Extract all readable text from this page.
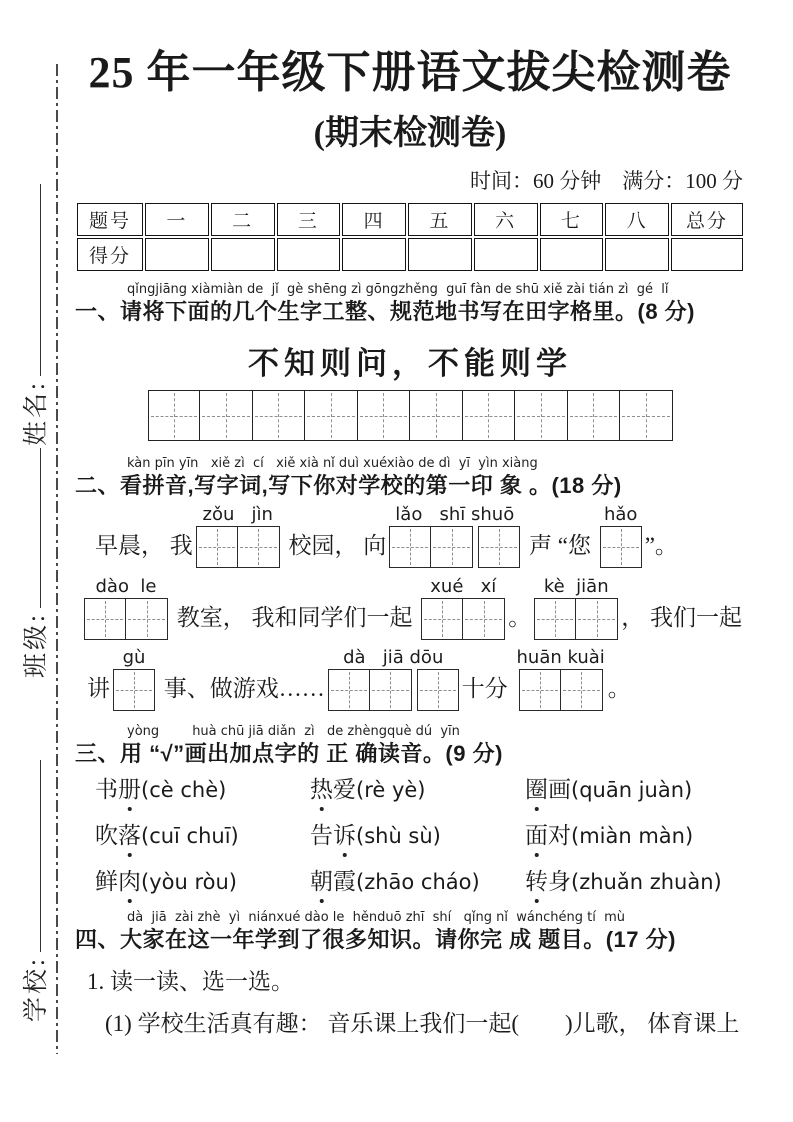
姓名:
班级:
学校:
25 年一年级下册语文拔尖检测卷
(期末检测卷)
时间：60 分钟    满分：100 分
题号	一	二	三	四	五	六	七	八	总分
得分									
qǐngjiāng xiàmiàn de  jǐ  gè shēng zì gōngzhěng  guī fàn de shū xiě zài tián zì  gé  lǐ
一、请将下面的几个生字工整、规范地书写在田字格里。(8 分)
不知则问，不能则学
kàn pīn yīn   xiě zì  cí   xiě xià nǐ duì xuéxiào de dì  yī  yìn xiàng
二、看拼音,写字词,写下你对学校的第一印 象 。(18 分)
早晨， 我
zǒu   jìn
校园， 向
lǎo   shī shuō
声 “您
hǎo
”。
dào  le
教室， 我和同学们一起
xué   xí
。
kè  jiān
， 我们一起
讲
gù
事、做游戏……
dà   jiā dōu
十分
huān kuài
。
yòng        huà chū jiā diǎn  zì   de zhèngquè dú  yīn
三、用 “√”画出加点字的 正 确读音。(9 分)
书册(cè chè)	热爱(rè yè)	圈画(quān juàn)
吹落(cuī chuī)	告诉(shù sù)	面对(miàn màn)
鲜肉(yòu ròu)	朝霞(zhāo cháo)	转身(zhuǎn zhuàn)
dà  jiā  zài zhè  yì  niánxué dào le  hěnduō zhī  shí   qǐng nǐ  wánchéng tí  mù
四、大家在这一年学到了很多知识。请你完 成 题目。(17 分)
1. 读一读、选一选。
(1) 学校生活真有趣： 音乐课上我们一起(　　)儿歌， 体育课上
